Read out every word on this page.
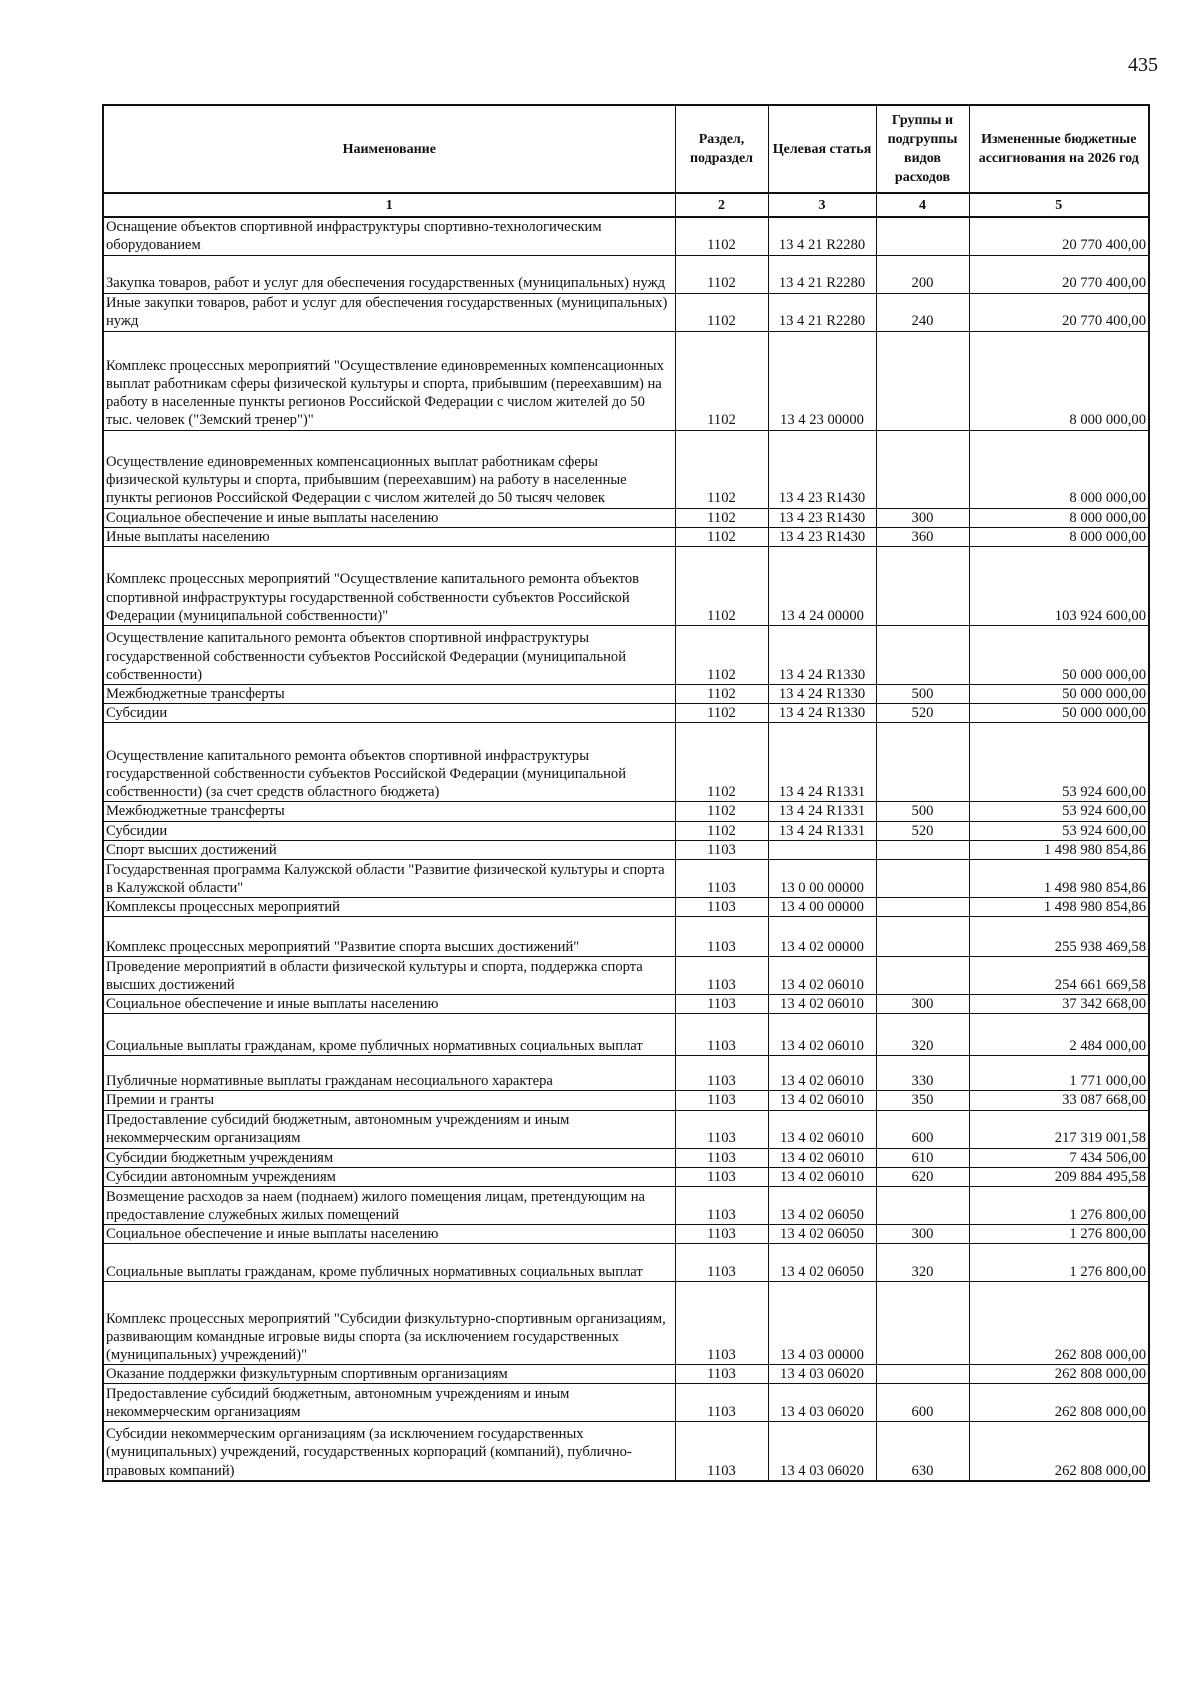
435
Наименование	Раздел, подраздел	Целевая статья	Группы и подгруппы видов расходов	Измененные бюджетные ассигнования на 2026 год
1	2	3	4	5
Оснащение объектов спортивной инфраструктуры спортивно-технологическим оборудованием	1102	13 4 21 R2280		20 770 400,00
Закупка товаров, работ и услуг для обеспечения государственных (муниципальных) нужд	1102	13 4 21 R2280	200	20 770 400,00
Иные закупки товаров, работ и услуг для обеспечения государственных (муниципальных) нужд	1102	13 4 21 R2280	240	20 770 400,00
Комплекс процессных мероприятий "Осуществление единовременных компенсационных выплат работникам сферы физической культуры и спорта, прибывшим (переехавшим) на работу в населенные пункты регионов Российской Федерации с числом жителей до 50 тыс. человек ("Земский тренер")"	1102	13 4 23 00000		8 000 000,00
Осуществление единовременных компенсационных выплат работникам сферы физической культуры и спорта, прибывшим (переехавшим) на работу в населенные пункты регионов Российской Федерации с числом жителей до 50 тысяч человек	1102	13 4 23 R1430		8 000 000,00
Социальное обеспечение и иные выплаты населению	1102	13 4 23 R1430	300	8 000 000,00
Иные выплаты населению	1102	13 4 23 R1430	360	8 000 000,00
Комплекс процессных мероприятий "Осуществление капитального ремонта объектов спортивной инфраструктуры государственной собственности субъектов Российской Федерации (муниципальной собственности)"	1102	13 4 24 00000		103 924 600,00
Осуществление капитального ремонта объектов спортивной инфраструктуры государственной собственности субъектов Российской Федерации (муниципальной собственности)	1102	13 4 24 R1330		50 000 000,00
Межбюджетные трансферты	1102	13 4 24 R1330	500	50 000 000,00
Субсидии	1102	13 4 24 R1330	520	50 000 000,00
Осуществление капитального ремонта объектов спортивной инфраструктуры государственной собственности субъектов Российской Федерации (муниципальной собственности) (за счет средств областного бюджета)	1102	13 4 24 R1331		53 924 600,00
Межбюджетные трансферты	1102	13 4 24 R1331	500	53 924 600,00
Субсидии	1102	13 4 24 R1331	520	53 924 600,00
Спорт высших достижений	1103			1 498 980 854,86
Государственная программа Калужской области "Развитие физической культуры и спорта в Калужской области"	1103	13 0 00 00000		1 498 980 854,86
Комплексы процессных мероприятий	1103	13 4 00 00000		1 498 980 854,86
Комплекс процессных мероприятий "Развитие спорта высших достижений"	1103	13 4 02 00000		255 938 469,58
Проведение мероприятий в области физической культуры и спорта, поддержка спорта высших достижений	1103	13 4 02 06010		254 661 669,58
Социальное обеспечение и иные выплаты населению	1103	13 4 02 06010	300	37 342 668,00
Социальные выплаты гражданам, кроме публичных нормативных социальных выплат	1103	13 4 02 06010	320	2 484 000,00
Публичные нормативные выплаты гражданам несоциального характера	1103	13 4 02 06010	330	1 771 000,00
Премии и гранты	1103	13 4 02 06010	350	33 087 668,00
Предоставление субсидий бюджетным, автономным учреждениям и иным некоммерческим организациям	1103	13 4 02 06010	600	217 319 001,58
Субсидии бюджетным учреждениям	1103	13 4 02 06010	610	7 434 506,00
Субсидии автономным учреждениям	1103	13 4 02 06010	620	209 884 495,58
Возмещение расходов за наем (поднаем) жилого помещения лицам, претендующим на предоставление служебных жилых помещений	1103	13 4 02 06050		1 276 800,00
Социальное обеспечение и иные выплаты населению	1103	13 4 02 06050	300	1 276 800,00
Социальные выплаты гражданам, кроме публичных нормативных социальных выплат	1103	13 4 02 06050	320	1 276 800,00
Комплекс процессных мероприятий "Субсидии физкультурно-спортивным организациям, развивающим командные игровые виды спорта (за исключением государственных (муниципальных) учреждений)"	1103	13 4 03 00000		262 808 000,00
Оказание поддержки физкультурным спортивным организациям	1103	13 4 03 06020		262 808 000,00
Предоставление субсидий бюджетным, автономным учреждениям и иным некоммерческим организациям	1103	13 4 03 06020	600	262 808 000,00
Субсидии некоммерческим организациям (за исключением государственных (муниципальных) учреждений, государственных корпораций (компаний), публично-правовых компаний)	1103	13 4 03 06020	630	262 808 000,00
